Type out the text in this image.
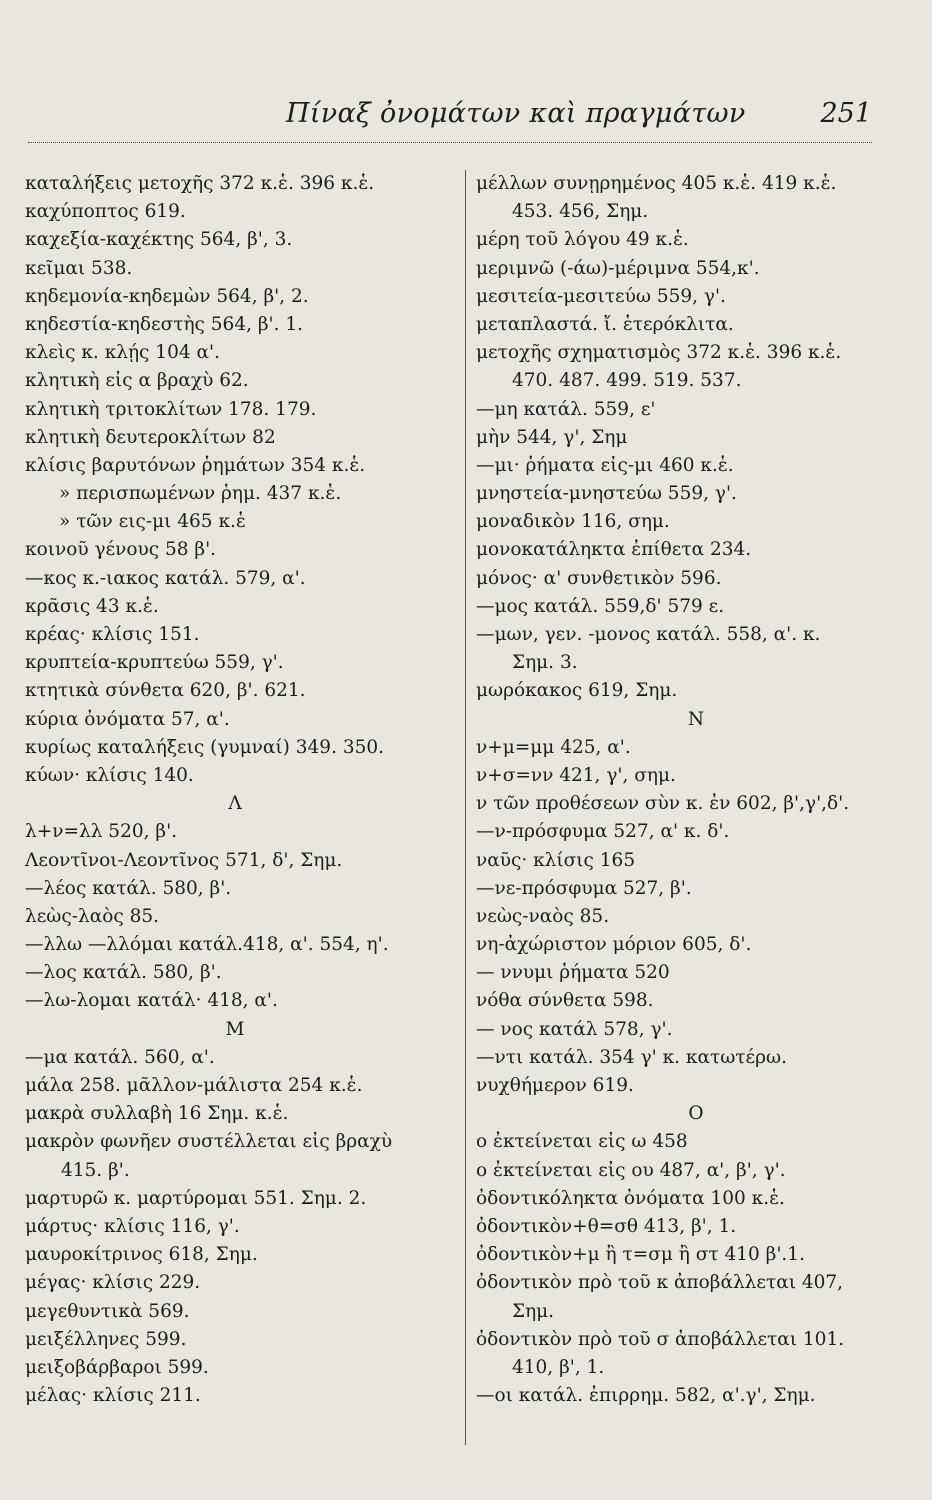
Πίναξ ὀνομάτων καὶ πραγμάτων	251
καταλήξεις μετοχῆς 372 κ.ἑ. 396 κ.ἑ.
καχύποπτος 619.
καχεξία-καχέκτης 564, β', 3.
κεῖμαι 538.
κηδεμονία-κηδεμὼν 564, β', 2.
κηδεστία-κηδεστὴς 564, β'. 1.
κλεὶς κ. κλῄς 104 α'.
κλητικὴ εἰς α βραχὺ 62.
κλητικὴ τριτοκλίτων 178. 179.
κλητικὴ δευτεροκλίτων 82
κλίσις βαρυτόνων ῥημάτων 354 κ.ἑ.
» περισπωμένων ῥημ. 437 κ.ἑ.
» τῶν εις-μι 465 κ.ἑ
κοινοῦ γένους 58 β'.
—κος κ.-ιακος κατάλ. 579, α'.
κρᾶσις 43 κ.ἑ.
κρέας· κλίσις 151.
κρυπτεία-κρυπτεύω 559, γ'.
κτητικὰ σύνθετα 620, β'. 621.
κύρια ὀνόματα 57, α'.
κυρίως καταλήξεις (γυμναί) 349. 350.
κύων· κλίσις 140.
Λ
λ+ν=λλ 520, β'.
Λεοντῖνοι-Λεοντῖνος 571, δ', Σημ.
—λέος κατάλ. 580, β'.
λεὼς-λαὸς 85.
—λλω —λλόμαι κατάλ.418, α'. 554, η'.
—λος κατάλ. 580, β'.
—λω-λομαι κατάλ· 418, α'.
Μ
—μα κατάλ. 560, α'.
μάλα 258. μᾶλλον-μάλιστα 254 κ.ἑ.
μακρὰ συλλαβὴ 16 Σημ. κ.ἑ.
μακρὸν φωνῆεν συστέλλεται εἰς βραχὺ
415. β'.
μαρτυρῶ κ. μαρτύρομαι 551. Σημ. 2.
μάρτυς· κλίσις 116, γ'.
μαυροκίτρινος 618, Σημ.
μέγας· κλίσις 229.
μεγεθυντικὰ 569.
μειξέλληνες 599.
μειξοβάρβαροι 599.
μέλας· κλίσις 211.
μέλλων συνῃρημένος 405 κ.ἑ. 419 κ.ἑ.
453. 456, Σημ.
μέρη τοῦ λόγου 49 κ.ἑ.
μεριμνῶ (-άω)-μέριμνα 554,κ'.
μεσιτεία-μεσιτεύω 559, γ'.
μεταπλαστά. ἴ. ἑτερόκλιτα.
μετοχῆς σχηματισμὸς 372 κ.ἑ. 396 κ.ἑ.
470. 487. 499. 519. 537.
—μη κατάλ. 559, ε'
μὴν 544, γ', Σημ
—μι· ῥήματα εἰς-μι 460 κ.ἑ.
μνηστεία-μνηστεύω 559, γ'.
μοναδικὸν 116, σημ.
μονοκατάληκτα ἐπίθετα 234.
μόνος· α' συνθετικὸν 596.
—μος κατάλ. 559,δ' 579 ε.
—μων, γεν. -μονος κατάλ. 558, α'. κ.
Σημ. 3.
μωρόκακος 619, Σημ.
Ν
ν+μ=μμ 425, α'.
ν+σ=νν 421, γ', σημ.
ν τῶν προθέσεων σὺν κ. ἐν 602, β',γ',δ'.
—ν-πρόσφυμα 527, α' κ. δ'.
ναῦς· κλίσις 165
—νε-πρόσφυμα 527, β'.
νεὼς-ναὸς 85.
νη-ἀχώριστον μόριον 605, δ'.
— ννυμι ῥήματα 520
νόθα σύνθετα 598.
— νος κατάλ 578, γ'.
—ντι κατάλ. 354 γ' κ. κατωτέρω.
νυχθήμερον 619.
Ο
ο ἐκτείνεται εἰς ω 458
ο ἐκτείνεται εἰς ου 487, α', β', γ'.
ὀδοντικόληκτα ὀνόματα 100 κ.ἑ.
ὀδοντικὸν+θ=σθ 413, β', 1.
ὀδοντικὸν+μ ἢ τ=σμ ἢ στ 410 β'.1.
ὀδοντικὸν πρὸ τοῦ κ ἀποβάλλεται 407,
Σημ.
ὀδοντικὸν πρὸ τοῦ σ ἀποβάλλεται 101.
410, β', 1.
—οι κατάλ. ἐπιρρημ. 582, α'.γ', Σημ.
